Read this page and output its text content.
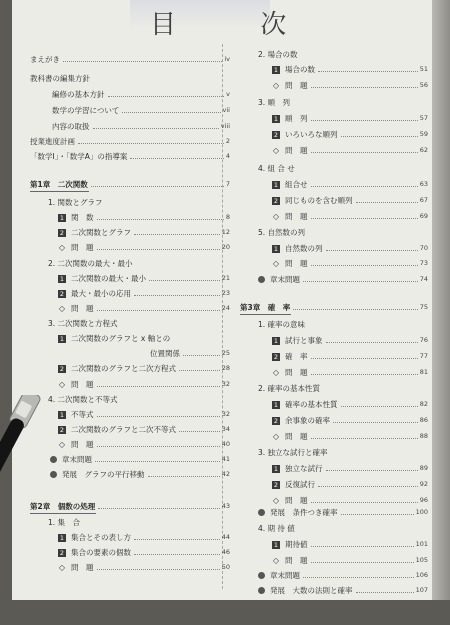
目 次
まえがき	iv
教科書の編集方針
編修の基本方針	v
数学の学習について	vii
内容の取扱	viii
授業進度計画	2
「数学Ⅰ」・「数学A」の指導案	4
第1章　二次関数	7
1. 関数とグラフ
1 関　数	8
2 二次関数とグラフ	12
◇ 問　題	20
2. 二次関数の最大・最小
1 二次関数の最大・最小	21
2 最大・最小の応用	23
◇ 問　題	24
3. 二次関数と方程式
1 二次関数のグラフと x 軸との
位置関係	25
2 二次関数のグラフと二次方程式	28
◇ 問　題	32
4. 二次関数と不等式
1 不等式	32
2 二次関数のグラフと二次不等式	34
◇ 問　題	40
章末問題	41
発展　グラフの平行移動	42
第2章　個数の処理	43
1. 集　合
1 集合とその表し方	44
2 集合の要素の個数	46
◇ 問　題	50
2. 場合の数
1 場合の数	51
◇ 問　題	56
3. 順　列
1 順　列	57
2 いろいろな順列	59
◇ 問　題	62
4. 組 合 せ
1 組合せ	63
2 同じものを含む順列	67
◇ 問　題	69
5. 自然数の列
1 自然数の列	70
◇ 問　題	73
章末問題	74
第3章　確　率	75
1. 確率の意味
1 試行と事象	76
2 確　率	77
◇ 問　題	81
2. 確率の基本性質
1 確率の基本性質	82
2 余事象の確率	86
◇ 問　題	88
3. 独立な試行と確率
1 独立な試行	89
2 反復試行	92
◇ 問　題	96
発展　条件つき確率	100
4. 期 待 値
1 期待値	101
◇ 問　題	105
章末問題	106
発展　大数の法則と確率	107
